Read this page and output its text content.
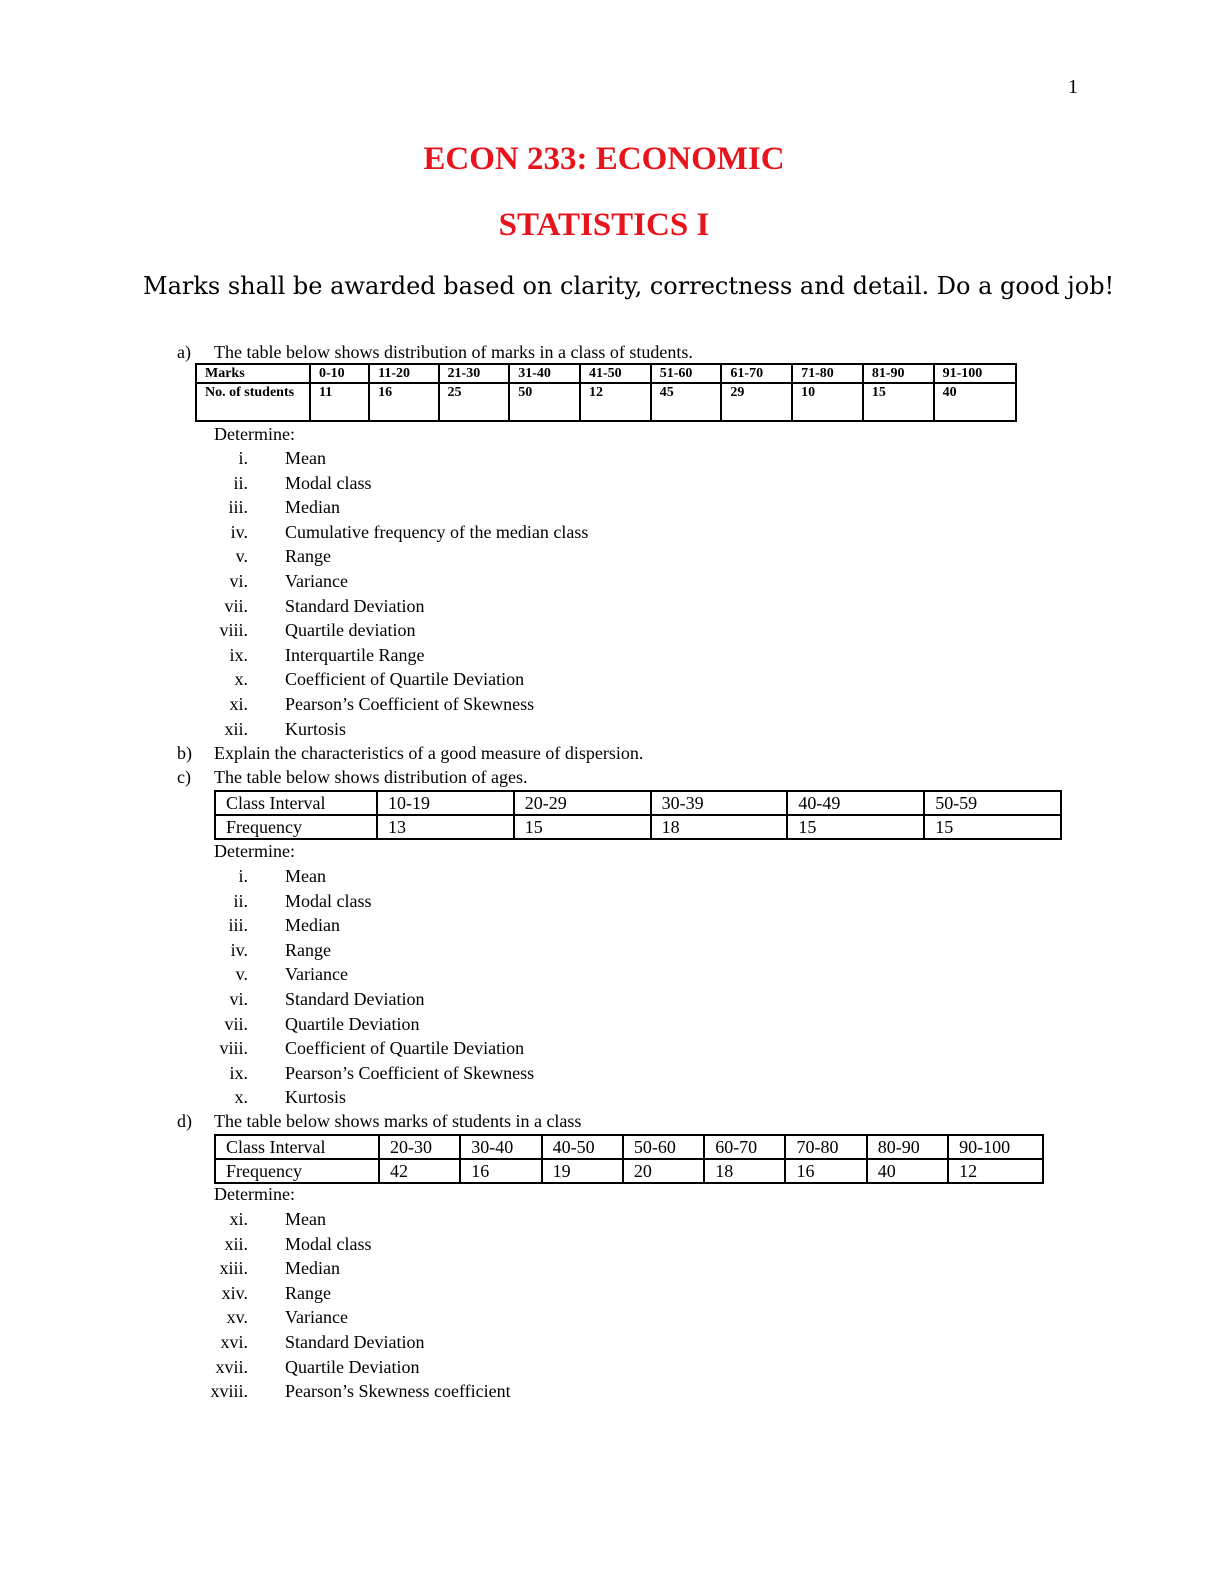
1
ECON 233: ECONOMIC
STATISTICS I
Marks shall be awarded based on clarity, correctness and detail. Do a good job!
a) The table below shows distribution of marks in a class of students.
Marks	0-10	11-20	21-30	31-40	41-50	51-60	61-70	71-80	81-90	91-100
No. of students	11	16	25	50	12	45	29	10	15	40
Determine:
i. Mean
ii. Modal class
iii. Median
iv. Cumulative frequency of the median class
v. Range
vi. Variance
vii. Standard Deviation
viii. Quartile deviation
ix. Interquartile Range
x. Coefficient of Quartile Deviation
xi. Pearson’s Coefficient of Skewness
xii. Kurtosis
b) Explain the characteristics of a good measure of dispersion.
c) The table below shows distribution of ages.
Class Interval	10-19	20-29	30-39	40-49	50-59
Frequency	13	15	18	15	15
Determine:
i. Mean
ii. Modal class
iii. Median
iv. Range
v. Variance
vi. Standard Deviation
vii. Quartile Deviation
viii. Coefficient of Quartile Deviation
ix. Pearson’s Coefficient of Skewness
x. Kurtosis
d) The table below shows marks of students in a class
Class Interval	20-30	30-40	40-50	50-60	60-70	70-80	80-90	90-100
Frequency	42	16	19	20	18	16	40	12
Determine:
xi. Mean
xii. Modal class
xiii. Median
xiv. Range
xv. Variance
xvi. Standard Deviation
xvii. Quartile Deviation
xviii. Pearson’s Skewness coefficient
